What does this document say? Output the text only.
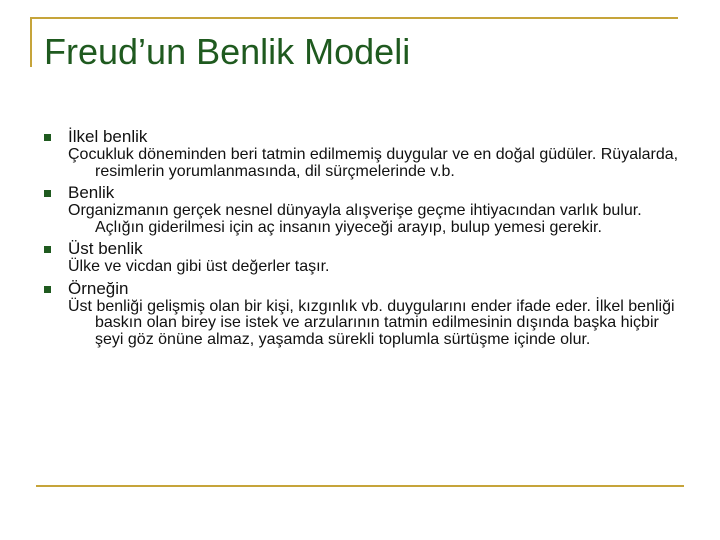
Freud’un Benlik Modeli
İlkel benlik
Çocukluk döneminden beri tatmin edilmemiş duygular ve en doğal güdüler. Rüyalarda, resimlerin yorumlanmasında, dil sürçmelerinde v.b.
Benlik
Organizmanın gerçek nesnel dünyayla alışverişe geçme ihtiyacından varlık bulur. Açlığın giderilmesi için aç insanın yiyeceği arayıp, bulup yemesi gerekir.
Üst benlik
Ülke ve vicdan gibi üst değerler taşır.
Örneğin
Üst benliği gelişmiş olan bir kişi, kızgınlık vb. duygularını ender ifade eder. İlkel benliği baskın olan birey ise istek ve arzularının tatmin edilmesinin dışında başka hiçbir şeyi göz önüne almaz, yaşamda sürekli toplumla sürtüşme içinde olur.
